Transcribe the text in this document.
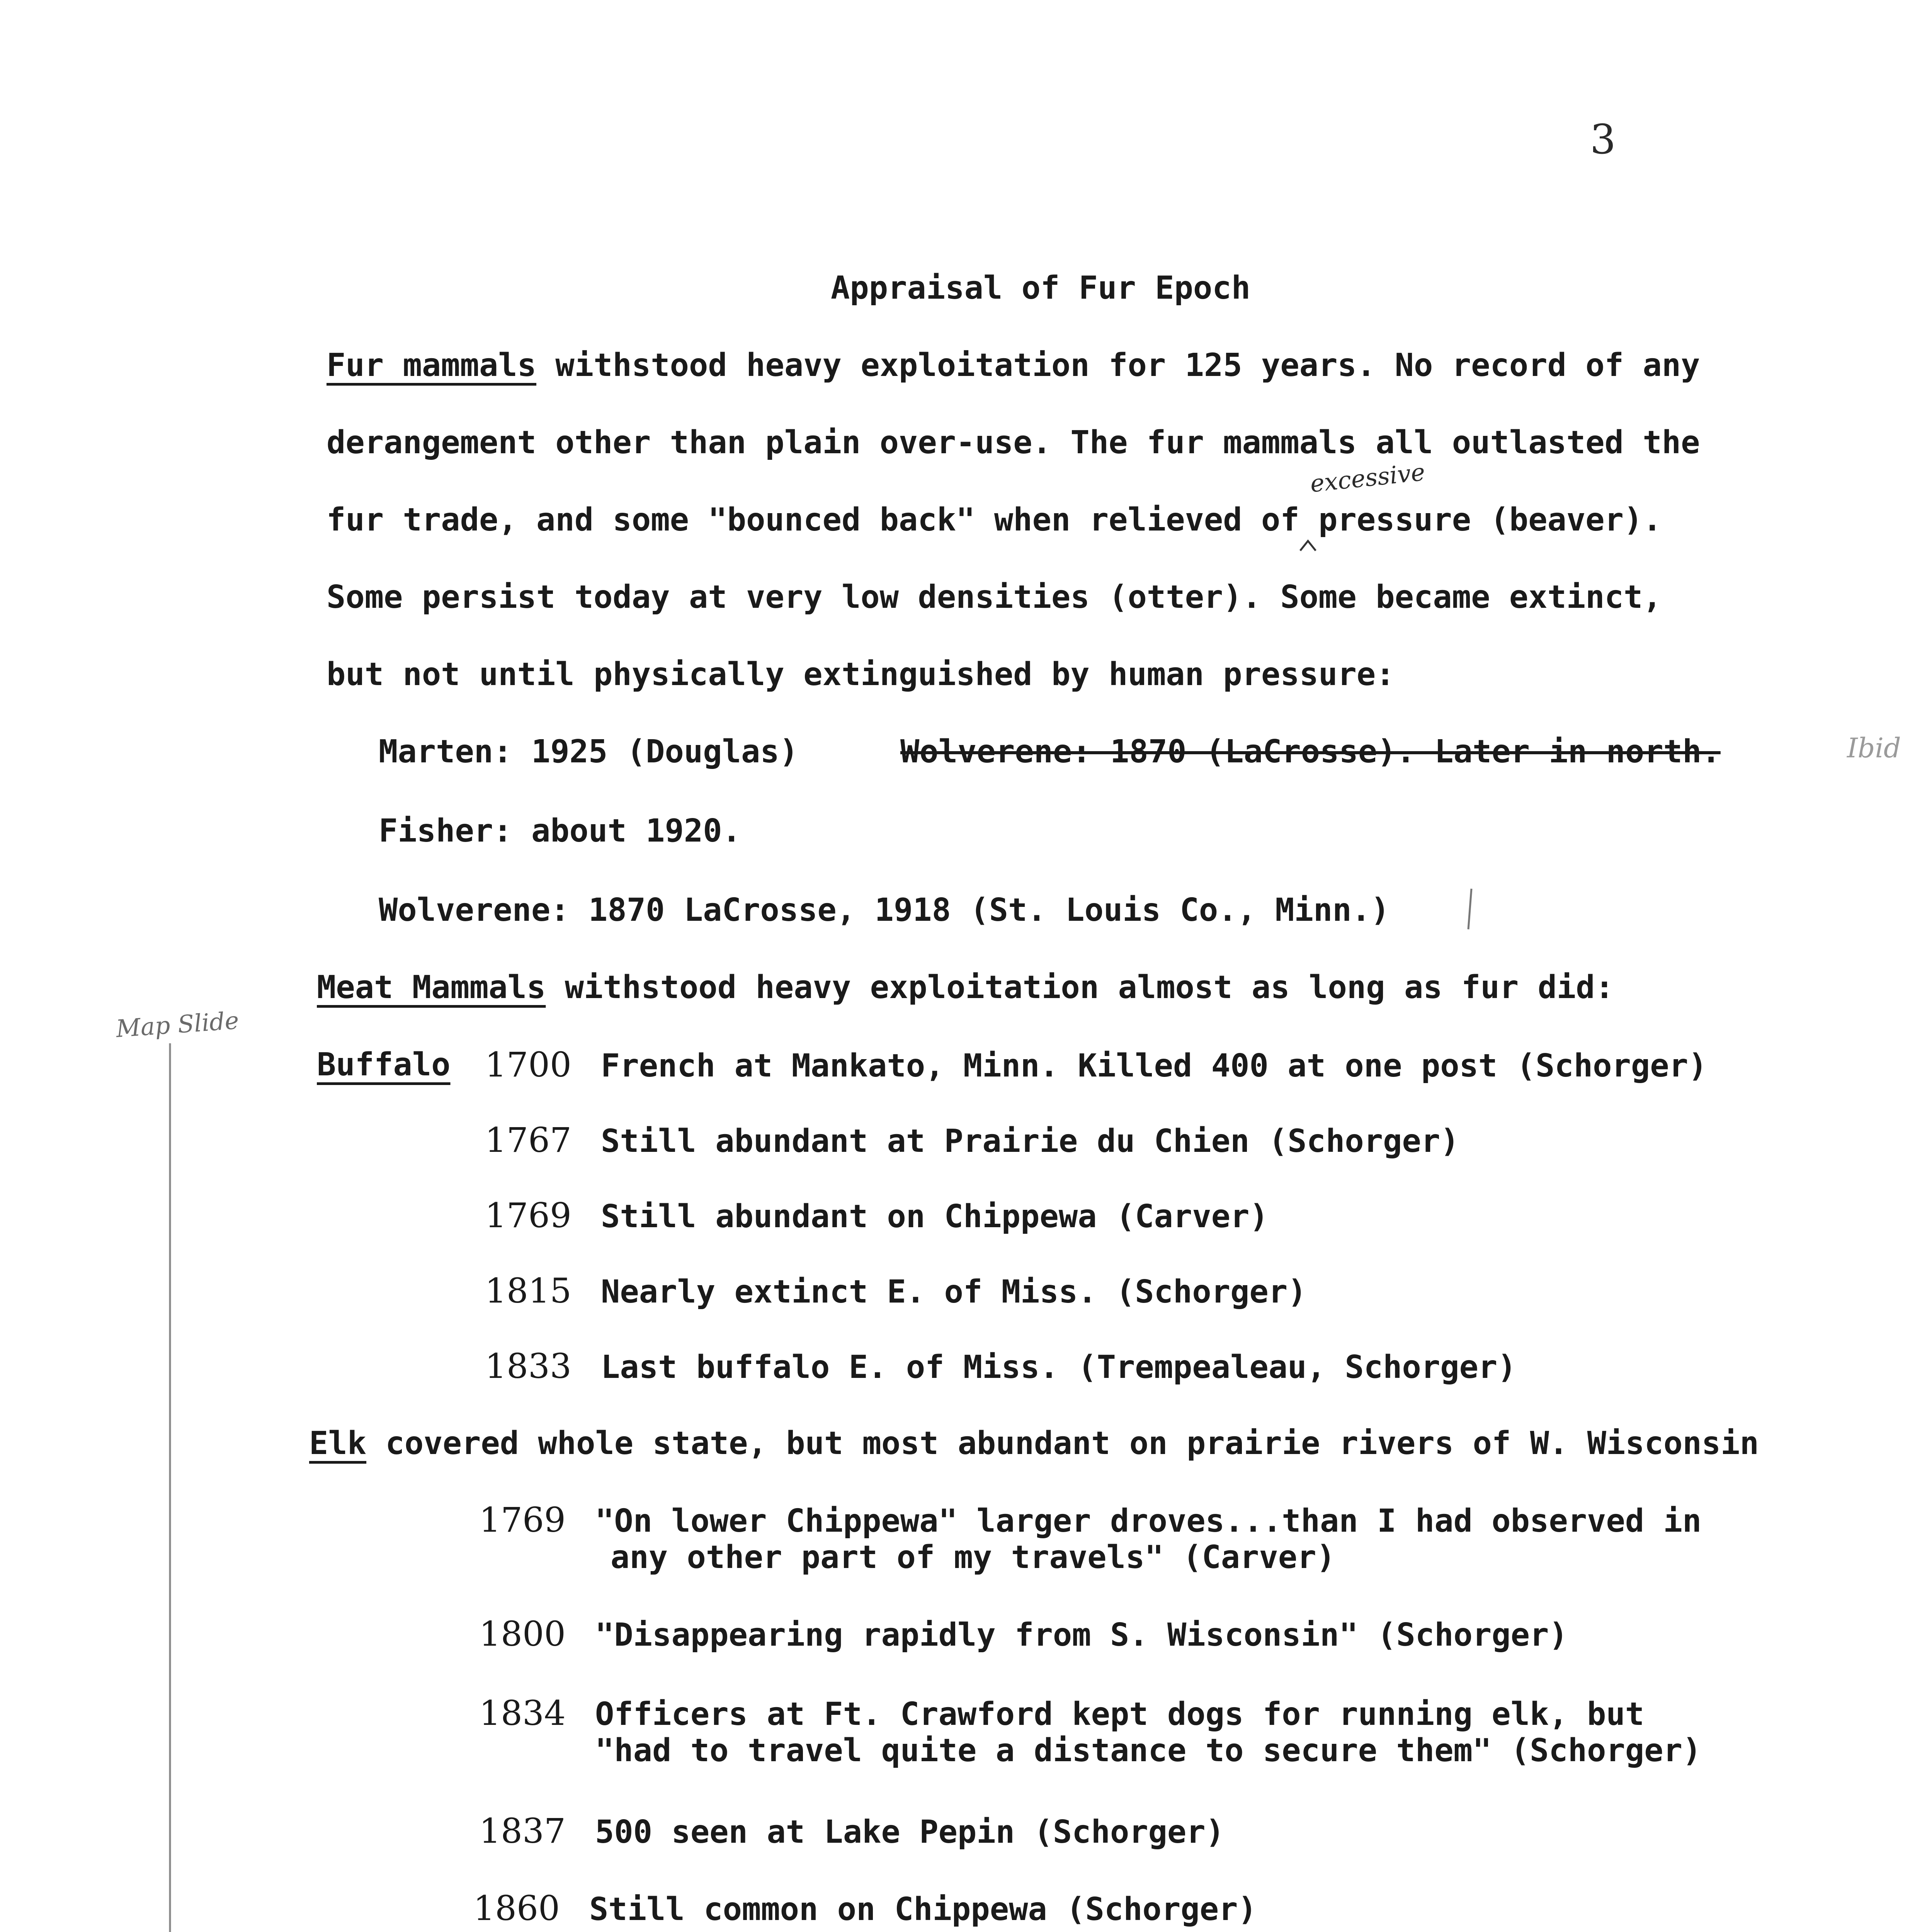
3
Appraisal of Fur Epoch
Fur mammals withstood heavy exploitation for 125 years. No record of any
derangement other than plain over-use. The fur mammals all outlasted the
fur trade, and some "bounced back" when relieved of pressure (beaver).
excessive
Some persist today at very low densities (otter). Some became extinct,
but not until physically extinguished by human pressure:
Marten: 1925 (Douglas)	Wolverene: 1870 (LaCrosse). Later in north.	Ibid
Fisher: about 1920.
Wolverene: 1870 LaCrosse, 1918 (St. Louis Co., Minn.)
Meat Mammals withstood heavy exploitation almost as long as fur did:
Map Slide
Buffalo 1700 French at Mankato, Minn. Killed 400 at one post (Schorger)
1767 Still abundant at Prairie du Chien (Schorger)
1769 Still abundant on Chippewa (Carver)
1815 Nearly extinct E. of Miss. (Schorger)
1833 Last buffalo E. of Miss. (Trempealeau, Schorger)
Elk covered whole state, but most abundant on prairie rivers of W. Wisconsin
1769 "On lower Chippewa" larger droves...than I had observed in
any other part of my travels" (Carver)
1800 "Disappearing rapidly from S. Wisconsin" (Schorger)
1834 Officers at Ft. Crawford kept dogs for running elk, but
"had to travel quite a distance to secure them" (Schorger)
1837 500 seen at Lake Pepin (Schorger)
1860 Still common on Chippewa (Schorger)
